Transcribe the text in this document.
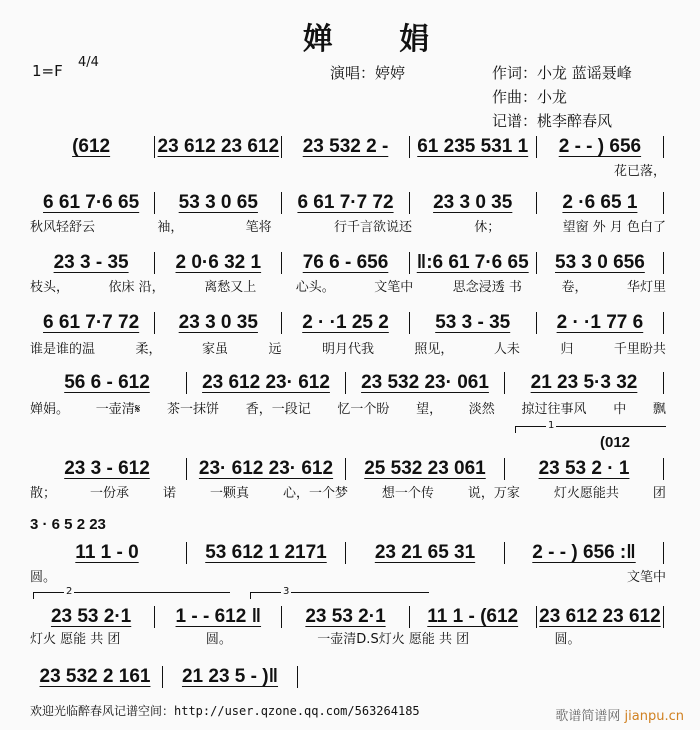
婵 娟
1=F 4/4
演唱：婷婷	作词：小龙 蓝谣聂峰
作曲：小龙
记谱：桃李醉春风
(612	23 612 23 612	23 532 2 -	61 235 531 1	2 - - ) 656
花已落，
6 61 7·6 65	53 3 0 65	6 61 7·7 72	23 3 0 35	2 ·6 65 1
秋风轻舒云	袖，	笔将	行千言欲说还	休；	望窗 外 月 色白了
23 3 - 35	2 0·6 32 1	76 6 - 656	‖:6 61 7·6 65	53 3 0 656
枝头，	依床 沿，	离愁又上	心头。	文笔中	思念浸透 书	卷，	华灯里
6 61 7·7 72	23 3 0 35	2 · ·1 25 2	53 3 - 35	2 · ·1 77 6
谁是谁的温	柔，	家虽	远	明月代我	照见，	人未	归	千里盼共
56 6 - 612	23 612 23· 612	23 532 23· 061	21 23 5·3 32
婵娟。 一壶清𝄋 茶一抹饼 香，一段记 忆一个盼 望， 淡然 掠过往事风 中 飘
23 3 - 612	23· 612 23· 612	25 532 23 061	23 53 2 · 1
(012
散；	一份承	诺	一颗真	心，一个梦	想一个传	说，万家	灯火愿能共	团
11 1 - 0	53 612 1 2171	23 21 65 31	2 - - ) 656 :‖
3 · 6 5 2 23
圆。	文笔中
23 53 2·1	1 - - 612 ‖	23 53 2·1	11 1 - (612	23 612 23 612
灯火 愿能 共 团	圆。	一壶清D.S灯火 愿能 共 团	圆。
23 532 2 161	21 23 5 - )‖
1
2	3
欢迎光临醉春风记谱空间：http://user.qzone.qq.com/563264185	歌谱简谱网 jianpu.cn
